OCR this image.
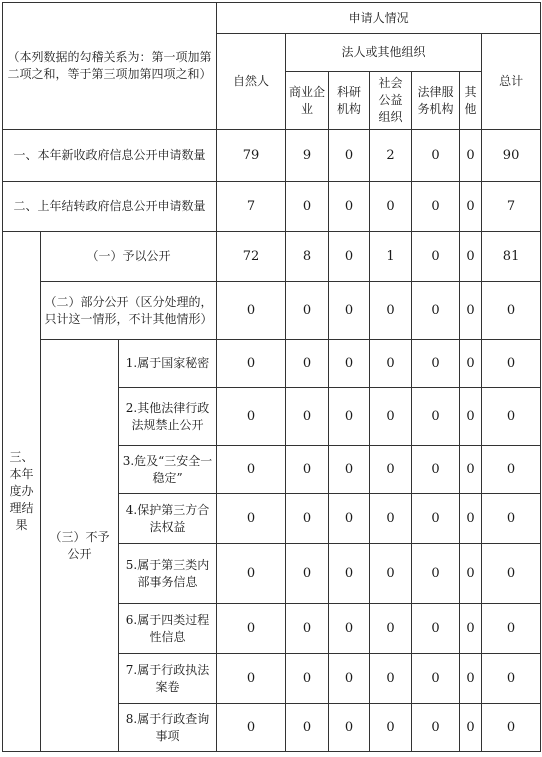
（本列数据的勾稽关系为：第一项加第二项之和，等于第三项加第四项之和）			申请人情况						
			自然人	法人或其他组织					总计
				商业企业	科研机构	社会公益组织	法律服务机构	其他	
一、本年新收政府信息公开申请数量			79	9	0	2	0	0	90
二、上年结转政府信息公开申请数量			7	0	0	0	0	0	7
三、本年度办理结果	（一）予以公开		72	8	0	1	0	0	81
	（二）部分公开（区分处理的，只计这一情形，不计其他情形）		0	0	0	0	0	0	0
	（三）不予公开	1.属于国家秘密	0	0	0	0	0	0	0
		2.其他法律行政法规禁止公开	0	0	0	0	0	0	0
		3.危及“三安全一稳定”	0	0	0	0	0	0	0
		4.保护第三方合法权益	0	0	0	0	0	0	0
		5.属于第三类内部事务信息	0	0	0	0	0	0	0
		6.属于四类过程性信息	0	0	0	0	0	0	0
		7.属于行政执法案卷	0	0	0	0	0	0	0
		8.属于行政查询事项	0	0	0	0	0	0	0
